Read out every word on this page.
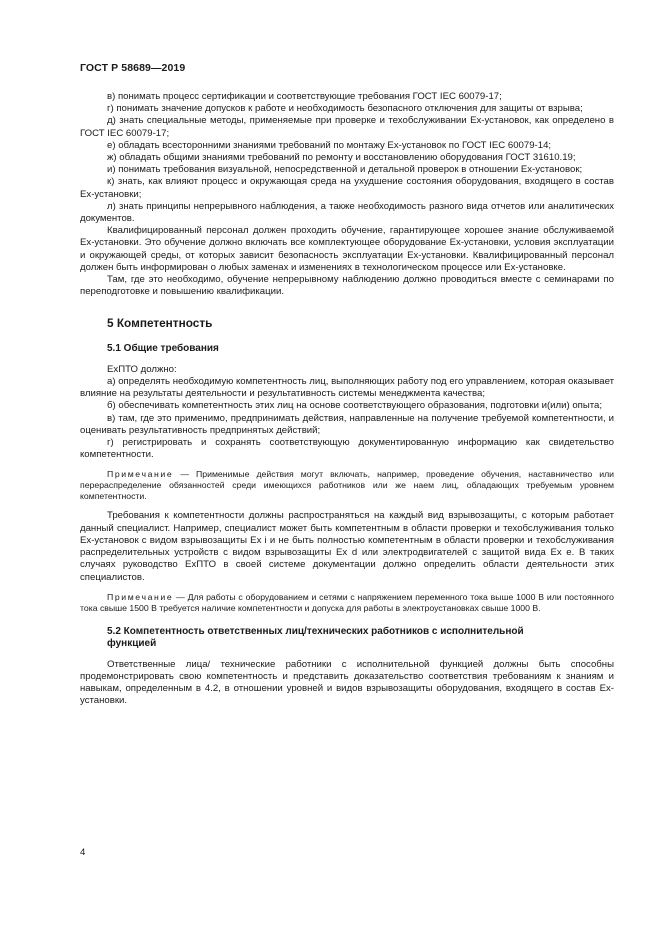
ГОСТ Р 58689—2019

в) понимать процесс сертификации и соответствующие требования ГОСТ IEC 60079-17;

г) понимать значение допусков к работе и необходимость безопасного отключения для защиты от взрыва;

д) знать специальные методы, применяемые при проверке и техобслуживании Ех-установок, как определено в ГОСТ IEC 60079-17;

е) обладать всесторонними знаниями требований по монтажу Ех-установок по ГОСТ IEC 60079-14;

ж) обладать общими знаниями требований по ремонту и восстановлению оборудования ГОСТ 31610.19;

и) понимать требования визуальной, непосредственной и детальной проверок в отношении Ех-установок;

к) знать, как влияют процесс и окружающая среда на ухудшение состояния оборудования, входящего в состав Ех-установки;

л) знать принципы непрерывного наблюдения, а также необходимость разного вида отчетов или аналитических документов.

Квалифицированный персонал должен проходить обучение, гарантирующее хорошее знание обслуживаемой Ех-установки. Это обучение должно включать все комплектующее оборудование Ех-установки, условия эксплуатации и окружающей среды, от которых зависит безопасность эксплуатации Ех-установки. Квалифицированный персонал должен быть информирован о любых заменах и изменениях в технологическом процессе или Ех-установке.

Там, где это необходимо, обучение непрерывному наблюдению должно проводиться вместе с семинарами по переподготовке и повышению квалификации.

5 Компетентность
5.1 Общие требования

ЕхПТО должно:

а) определять необходимую компетентность лиц, выполняющих работу под его управлением, которая оказывает влияние на результаты деятельности и результативность системы менеджмента качества;

б) обеспечивать компетентность этих лиц на основе соответствующего образования, подготовки и(или) опыта;

в) там, где это применимо, предпринимать действия, направленные на получение требуемой компетентности, и оценивать результативность предпринятых действий;

г) регистрировать и сохранять соответствующую документированную информацию как свидетельство компетентности.

Примечание — Применимые действия могут включать, например, проведение обучения, наставничество или перераспределение обязанностей среди имеющихся работников или же наем лиц, обладающих требуемым уровнем компетентности.

Требования к компетентности должны распространяться на каждый вид взрывозащиты, с которым работает данный специалист. Например, специалист может быть компетентным в области проверки и техобслуживания только Ех-установок с видом взрывозащиты Ех i и не быть полностью компетентным в области проверки и техобслуживания распределительных устройств с видом взрывозащиты Ех d или электродвигателей с защитой вида Ех е. В таких случаях руководство ЕхПТО в своей системе документации должно определить области деятельности этих специалистов.

Примечание — Для работы с оборудованием и сетями с напряжением переменного тока выше 1000 В или постоянного тока свыше 1500 В требуется наличие компетентности и допуска для работы в электроустановках свыше 1000 В.

5.2 Компетентность ответственных лиц/технических работников с исполнительной функцией

Ответственные лица/ технические работники с исполнительной функцией должны быть способны продемонстрировать свою компетентность и представить доказательство соответствия требованиям к знаниям и навыкам, определенным в 4.2, в отношении уровней и видов взрывозащиты оборудования, входящего в состав Ех-установки.

4
